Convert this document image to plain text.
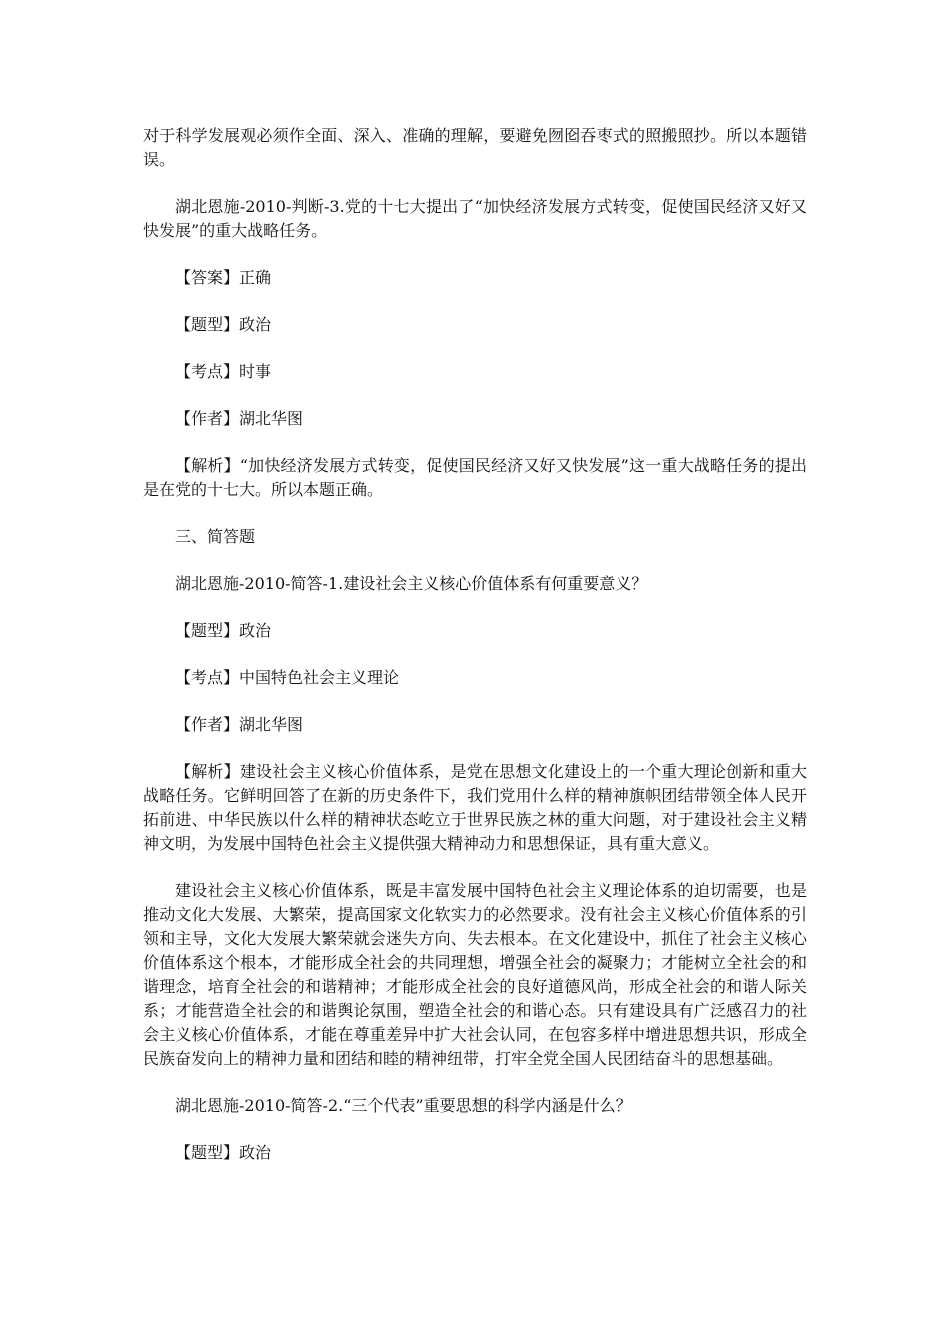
对于科学发展观必须作全面、深入、准确的理解，要避免囫囵吞枣式的照搬照抄。所以本题错误。

湖北恩施-2010-判断-3.党的十七大提出了“加快经济发展方式转变，促使国民经济又好又快发展”的重大战略任务。

【答案】正确

【题型】政治

【考点】时事

【作者】湖北华图

【解析】“加快经济发展方式转变，促使国民经济又好又快发展”这一重大战略任务的提出是在党的十七大。所以本题正确。

三、简答题

湖北恩施-2010-简答-1.建设社会主义核心价值体系有何重要意义？

【题型】政治

【考点】中国特色社会主义理论

【作者】湖北华图

【解析】建设社会主义核心价值体系，是党在思想文化建设上的一个重大理论创新和重大战略任务。它鲜明回答了在新的历史条件下，我们党用什么样的精神旗帜团结带领全体人民开拓前进、中华民族以什么样的精神状态屹立于世界民族之林的重大问题，对于建设社会主义精神文明，为发展中国特色社会主义提供强大精神动力和思想保证，具有重大意义。

建设社会主义核心价值体系，既是丰富发展中国特色社会主义理论体系的迫切需要，也是推动文化大发展、大繁荣，提高国家文化软实力的必然要求。没有社会主义核心价值体系的引领和主导，文化大发展大繁荣就会迷失方向、失去根本。在文化建设中，抓住了社会主义核心价值体系这个根本，才能形成全社会的共同理想，增强全社会的凝聚力；才能树立全社会的和谐理念，培育全社会的和谐精神；才能形成全社会的良好道德风尚，形成全社会的和谐人际关系；才能营造全社会的和谐舆论氛围，塑造全社会的和谐心态。只有建设具有广泛感召力的社会主义核心价值体系，才能在尊重差异中扩大社会认同，在包容多样中增进思想共识，形成全民族奋发向上的精神力量和团结和睦的精神纽带，打牢全党全国人民团结奋斗的思想基础。

湖北恩施-2010-简答-2.“三个代表”重要思想的科学内涵是什么？

【题型】政治
